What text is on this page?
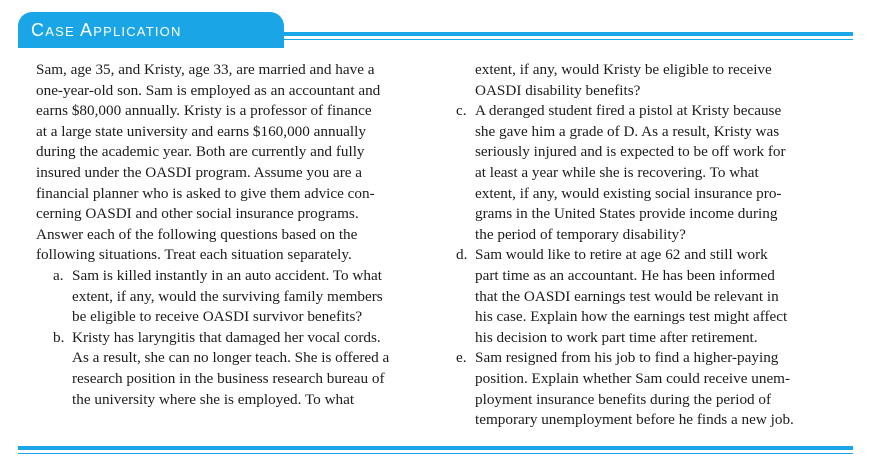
Case Application
Sam, age 35, and Kristy, age 33, are married and have a
one-year-old son. Sam is employed as an accountant and
earns $80,000 annually. Kristy is a professor of finance
at a large state university and earns $160,000 annually
during the academic year. Both are currently and fully
insured under the OASDI program. Assume you are a
financial planner who is asked to give them advice con-
cerning OASDI and other social insurance programs.
Answer each of the following questions based on the
following situations. Treat each situation separately.
a. Sam is killed instantly in an auto accident. To what
extent, if any, would the surviving family members
be eligible to receive OASDI survivor benefits?
b. Kristy has laryngitis that damaged her vocal cords.
As a result, she can no longer teach. She is offered a
research position in the business research bureau of
the university where she is employed. To what
extent, if any, would Kristy be eligible to receive
OASDI disability benefits?
c. A deranged student fired a pistol at Kristy because
she gave him a grade of D. As a result, Kristy was
seriously injured and is expected to be off work for
at least a year while she is recovering. To what
extent, if any, would existing social insurance pro-
grams in the United States provide income during
the period of temporary disability?
d. Sam would like to retire at age 62 and still work
part time as an accountant. He has been informed
that the OASDI earnings test would be relevant in
his case. Explain how the earnings test might affect
his decision to work part time after retirement.
e. Sam resigned from his job to find a higher-paying
position. Explain whether Sam could receive unem-
ployment insurance benefits during the period of
temporary unemployment before he finds a new job.
